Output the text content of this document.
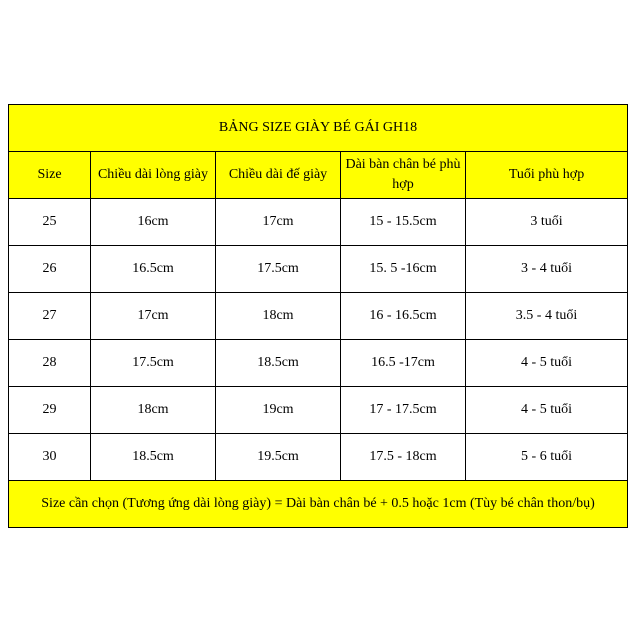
BẢNG SIZE GIÀY BÉ GÁI GH18				
Size	Chiều dài lòng giày	Chiều dài đế giày	Dài bàn chân bé phù hợp	Tuổi phù hợp
25	16cm	17cm	15 - 15.5cm	3 tuổi
26	16.5cm	17.5cm	15. 5 -16cm	3 - 4 tuổi
27	17cm	18cm	16 - 16.5cm	3.5 - 4 tuổi
28	17.5cm	18.5cm	16.5 -17cm	4 - 5 tuổi
29	18cm	19cm	17 - 17.5cm	4 - 5 tuổi
30	18.5cm	19.5cm	17.5 - 18cm	5 - 6 tuổi
Size cần chọn (Tương ứng dài lòng giày) = Dài bàn chân bé + 0.5 hoặc 1cm (Tùy bé chân thon/bụ)				
